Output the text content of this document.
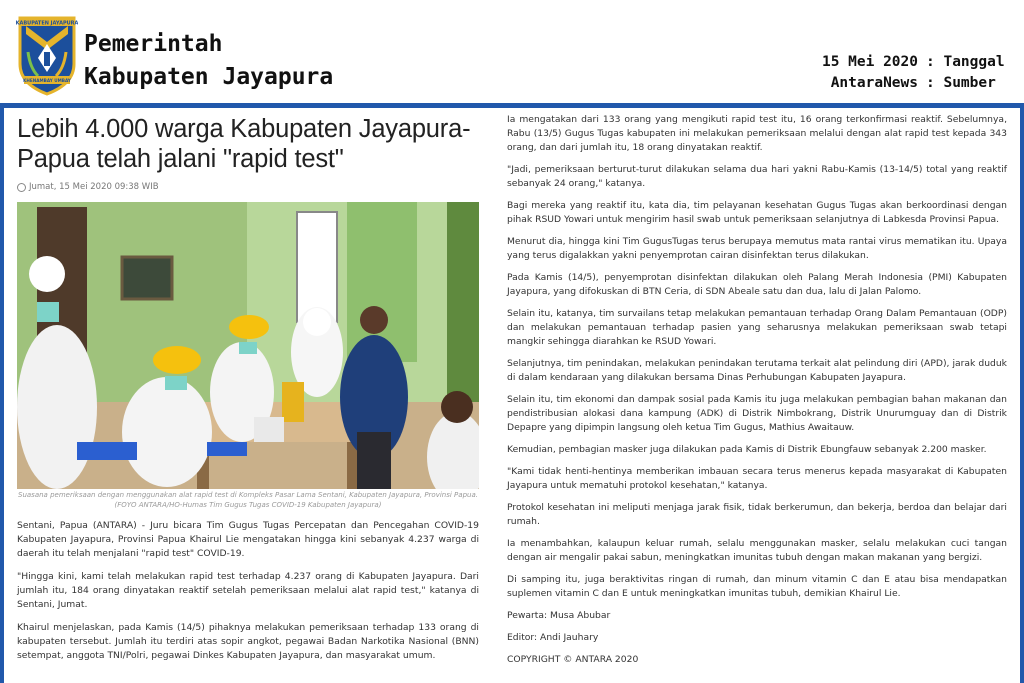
KABUPATEN JAYAPURA
KHENAMBAY UMBAY
Pemerintah
Kabupaten Jayapura
15 Mei 2020 : Tanggal
AntaraNews : Sumber
Lebih 4.000 warga Kabupaten Jayapura-Papua telah jalani "rapid test"
Jumat, 15 Mei 2020 09:38 WIB
Suasana pemeriksaan dengan menggunakan alat rapid test di Kompleks Pasar Lama Sentani, Kabupaten Jayapura, Provinsi Papua. (FOYO ANTARA/HO-Humas Tim Gugus Tugas COVID-19 Kabupaten Jayapura)

Sentani, Papua (ANTARA) - Juru bicara Tim Gugus Tugas Percepatan dan Pencegahan COVID-19 Kabupaten Jayapura, Provinsi Papua Khairul Lie mengatakan hingga kini sebanyak 4.237 warga di daerah itu telah menjalani "rapid test" COVID-19.

"Hingga kini, kami telah melakukan rapid test terhadap 4.237 orang di Kabupaten Jayapura. Dari jumlah itu, 184 orang dinyatakan reaktif setelah pemeriksaan melalui alat rapid test," katanya di Sentani, Jumat.

Khairul menjelaskan, pada Kamis (14/5) pihaknya melakukan pemeriksaan terhadap 133 orang di kabupaten tersebut. Jumlah itu terdiri atas sopir angkot, pegawai Badan Narkotika Nasional (BNN) setempat, anggota TNI/Polri, pegawai Dinkes Kabupaten Jayapura, dan masyarakat umum.

Ia mengatakan dari 133 orang yang mengikuti rapid test itu, 16 orang terkonfirmasi reaktif. Sebelumnya, Rabu (13/5) Gugus Tugas kabupaten ini melakukan pemeriksaan melalui dengan alat rapid test kepada 343 orang, dan dari jumlah itu, 18 orang dinyatakan reaktif.

"Jadi, pemeriksaan berturut-turut dilakukan selama dua hari yakni Rabu-Kamis (13-14/5) total yang reaktif sebanyak 24 orang," katanya.

Bagi mereka yang reaktif itu, kata dia, tim pelayanan kesehatan Gugus Tugas akan berkoordinasi dengan pihak RSUD Yowari untuk mengirim hasil swab untuk pemeriksaan selanjutnya di Labkesda Provinsi Papua.

Menurut dia, hingga kini Tim GugusTugas terus berupaya memutus mata rantai virus mematikan itu. Upaya yang terus digalakkan yakni penyemprotan cairan disinfektan terus dilakukan.

Pada Kamis (14/5), penyemprotan disinfektan dilakukan oleh Palang Merah Indonesia (PMI) Kabupaten Jayapura, yang difokuskan di BTN Ceria, di SDN Abeale satu dan dua, lalu di Jalan Palomo.

Selain itu, katanya, tim survailans tetap melakukan pemantauan terhadap Orang Dalam Pemantauan (ODP) dan melakukan pemantauan terhadap pasien yang seharusnya melakukan pemeriksaan swab tetapi mangkir sehingga diarahkan ke RSUD Yowari.

Selanjutnya, tim penindakan, melakukan penindakan terutama terkait alat pelindung diri (APD), jarak duduk di dalam kendaraan yang dilakukan bersama Dinas Perhubungan Kabupaten Jayapura.

Selain itu, tim ekonomi dan dampak sosial pada Kamis itu juga melakukan pembagian bahan makanan dan pendistribusian alokasi dana kampung (ADK) di Distrik Nimbokrang, Distrik Unurumguay dan di Distrik Depapre yang dipimpin langsung oleh ketua Tim Gugus, Mathius Awaitauw.

Kemudian, pembagian masker juga dilakukan pada Kamis di Distrik Ebungfauw sebanyak 2.200 masker.

"Kami tidak henti-hentinya memberikan imbauan secara terus menerus kepada masyarakat di Kabupaten Jayapura untuk mematuhi protokol kesehatan," katanya.

Protokol kesehatan ini meliputi menjaga jarak fisik, tidak berkerumun, dan bekerja, berdoa dan belajar dari rumah.

Ia menambahkan, kalaupun keluar rumah, selalu menggunakan masker, selalu melakukan cuci tangan dengan air mengalir pakai sabun, meningkatkan imunitas tubuh dengan makan makanan yang bergizi.

Di samping itu, juga beraktivitas ringan di rumah, dan minum vitamin C dan E atau bisa mendapatkan suplemen vitamin C dan E untuk meningkatkan imunitas tubuh, demikian Khairul Lie.

Pewarta: Musa Abubar

Editor: Andi Jauhary

COPYRIGHT © ANTARA 2020
